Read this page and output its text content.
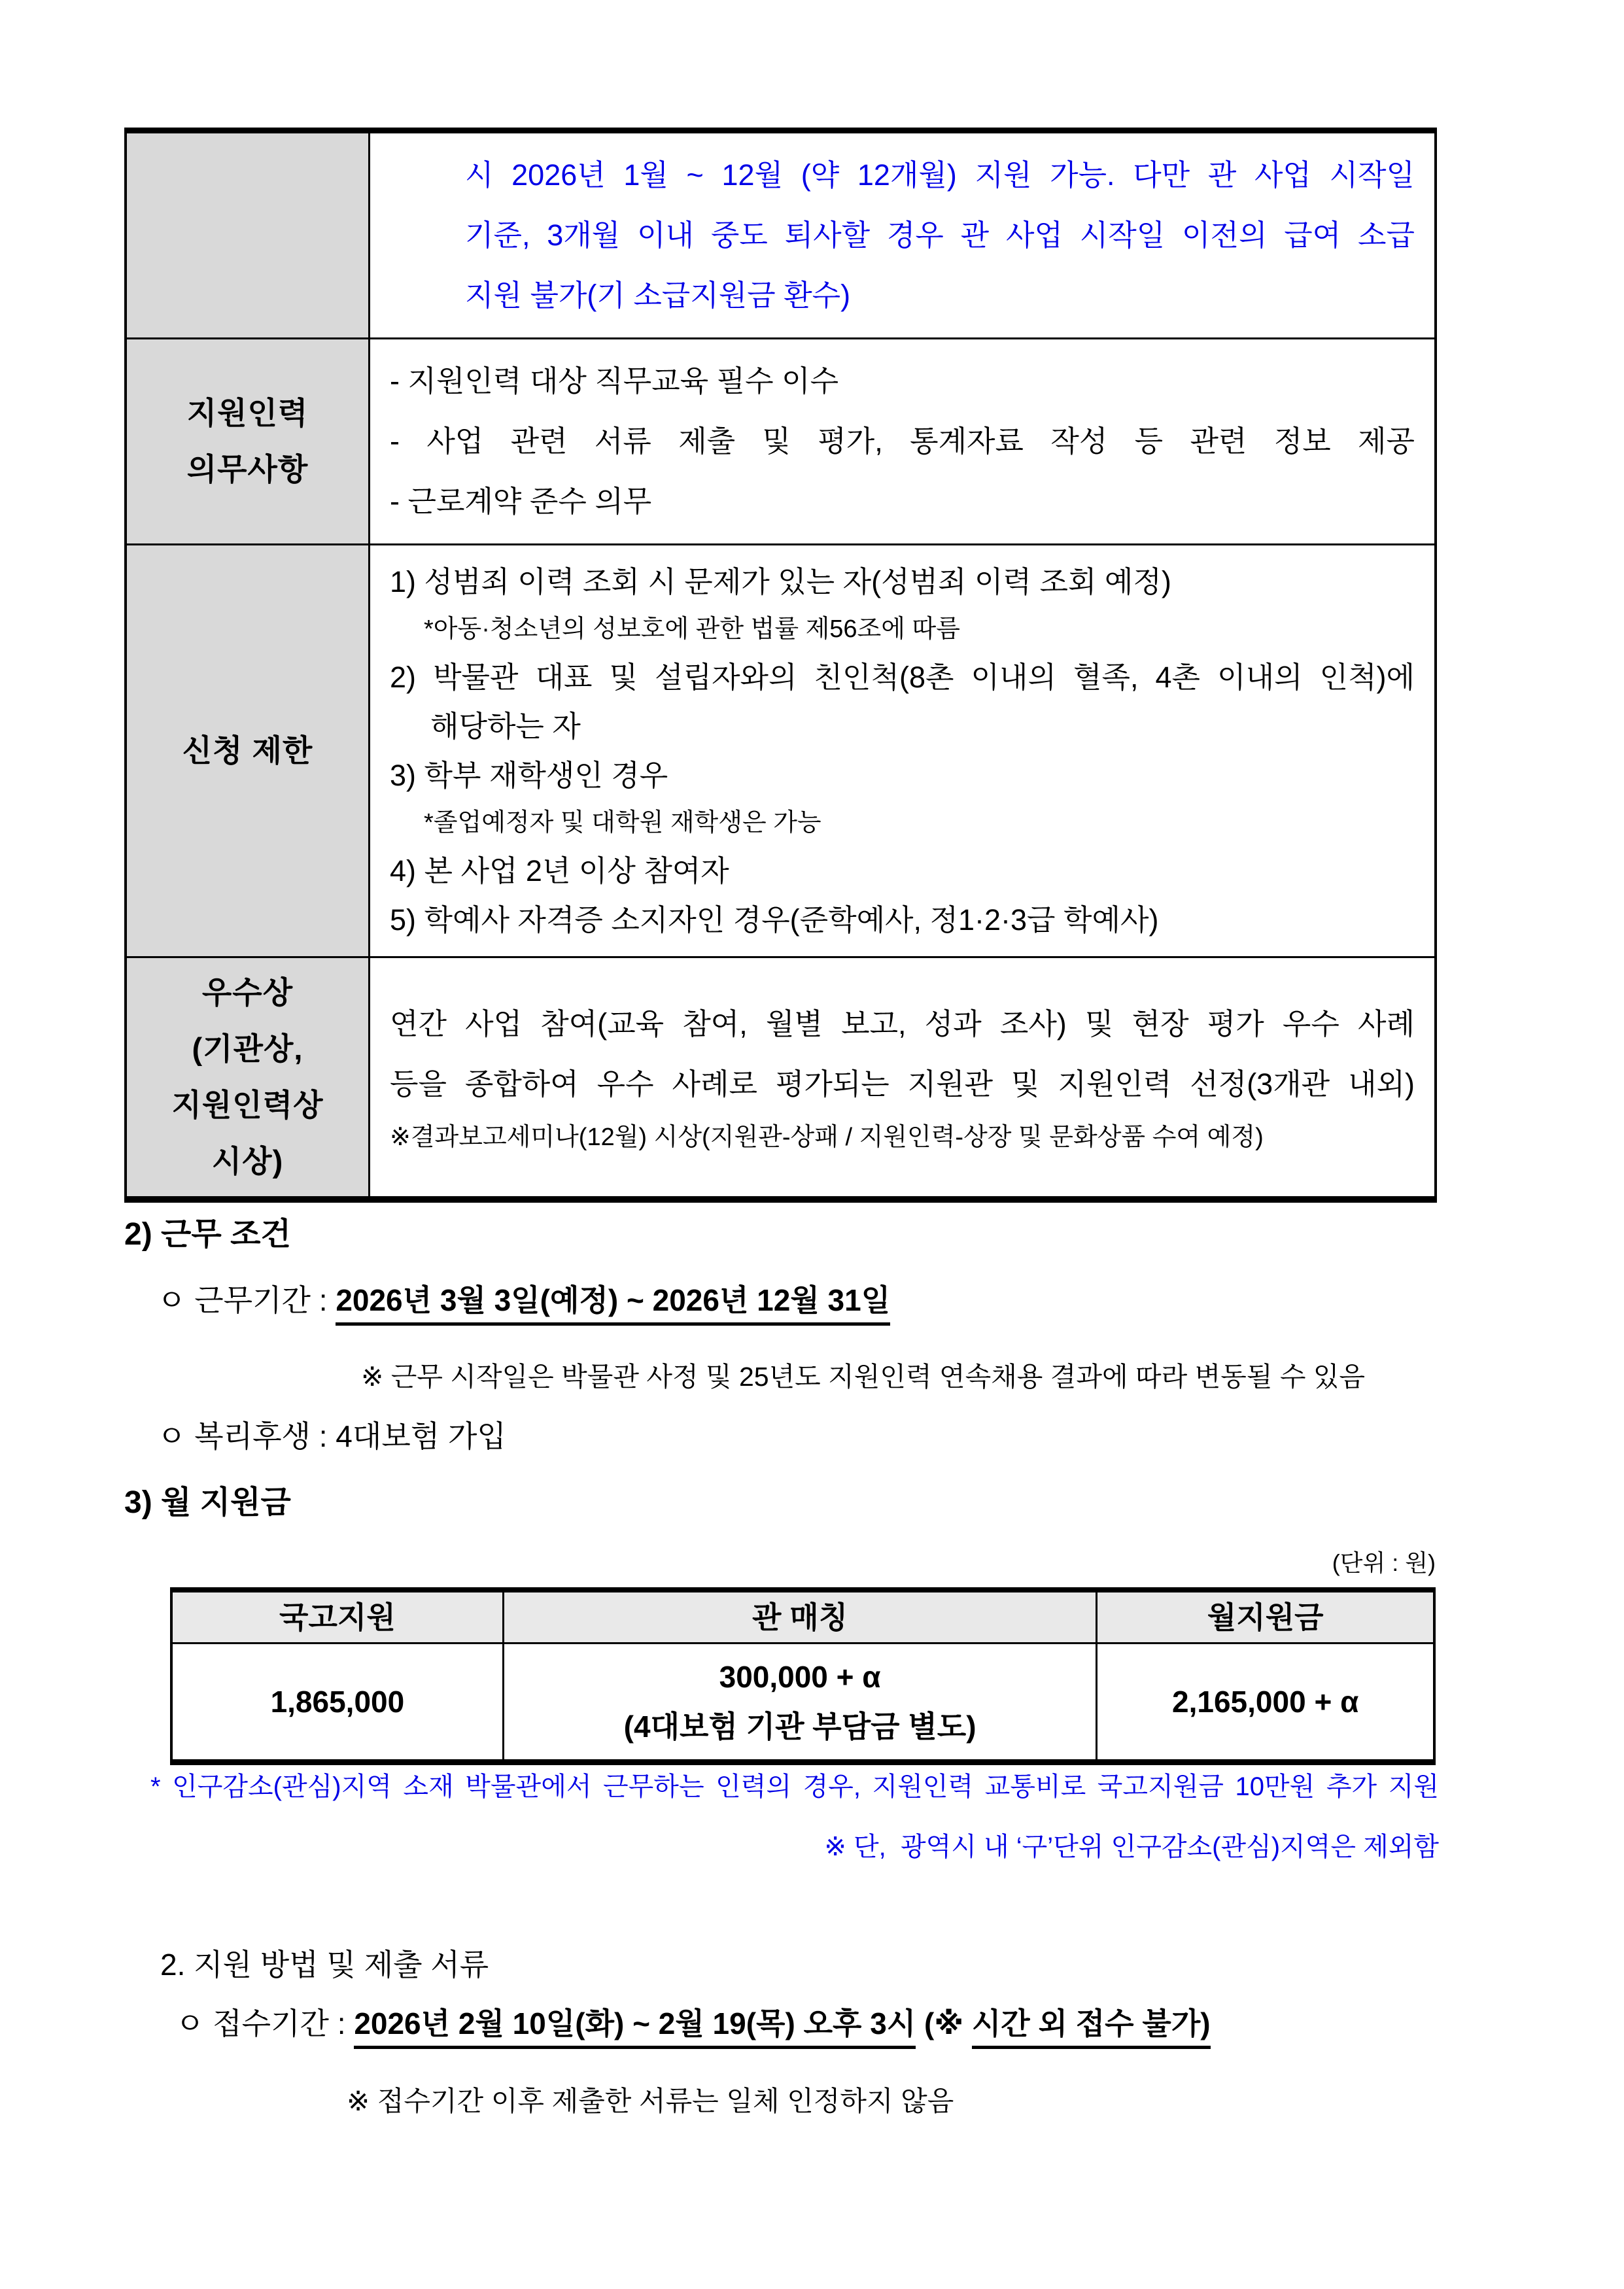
시 2026년 1월 ~ 12월 (약 12개월) 지원 가능. 다만 관 사업 시작일
기준, 3개월 이내 중도 퇴사할 경우 관 사업 시작일 이전의 급여 소급
지원 불가(기 소급지원금 환수)
지원인력
의무사항
- 지원인력 대상 직무교육 필수 이수
- 사업 관련 서류 제출 및 평가, 통계자료 작성 등 관련 정보 제공
- 근로계약 준수 의무
신청 제한
1) 성범죄 이력 조회 시 문제가 있는 자(성범죄 이력 조회 예정)
*아동·청소년의 성보호에 관한 법률 제56조에 따름
2) 박물관 대표 및 설립자와의 친인척(8촌 이내의 혈족, 4촌 이내의 인척)에
해당하는 자
3) 학부 재학생인 경우
*졸업예정자 및 대학원 재학생은 가능
4) 본 사업 2년 이상 참여자
5) 학예사 자격증 소지자인 경우(준학예사, 정1·2·3급 학예사)
우수상
(기관상,
지원인력상
시상)
연간 사업 참여(교육 참여, 월별 보고, 성과 조사) 및 현장 평가 우수 사례
등을 종합하여 우수 사례로 평가되는 지원관 및 지원인력 선정(3개관 내외)
※결과보고세미나(12월) 시상(지원관-상패 / 지원인력-상장 및 문화상품 수여 예정)
2) 근무 조건
ㅇ 근무기간 : 2026년 3월 3일(예정) ~ 2026년 12월 31일
※ 근무 시작일은 박물관 사정 및 25년도 지원인력 연속채용 결과에 따라 변동될 수 있음
ㅇ 복리후생 : 4대보험 가입
3) 월 지원금
(단위 : 원)
국고지원	관 매칭	월지원금
1,865,000
300,000 + α
(4대보험 기관 부담금 별도)
2,165,000 + α
* 인구감소(관심)지역 소재 박물관에서 근무하는 인력의 경우, 지원인력 교통비로 국고지원금 10만원 추가 지원
※ 단,  광역시 내 ‘구’단위 인구감소(관심)지역은 제외함
2. 지원 방법 및 제출 서류
ㅇ 접수기간 : 2026년 2월 10일(화) ~ 2월 19(목) 오후 3시 (※ 시간 외 접수 불가)
※ 접수기간 이후 제출한 서류는 일체 인정하지 않음
